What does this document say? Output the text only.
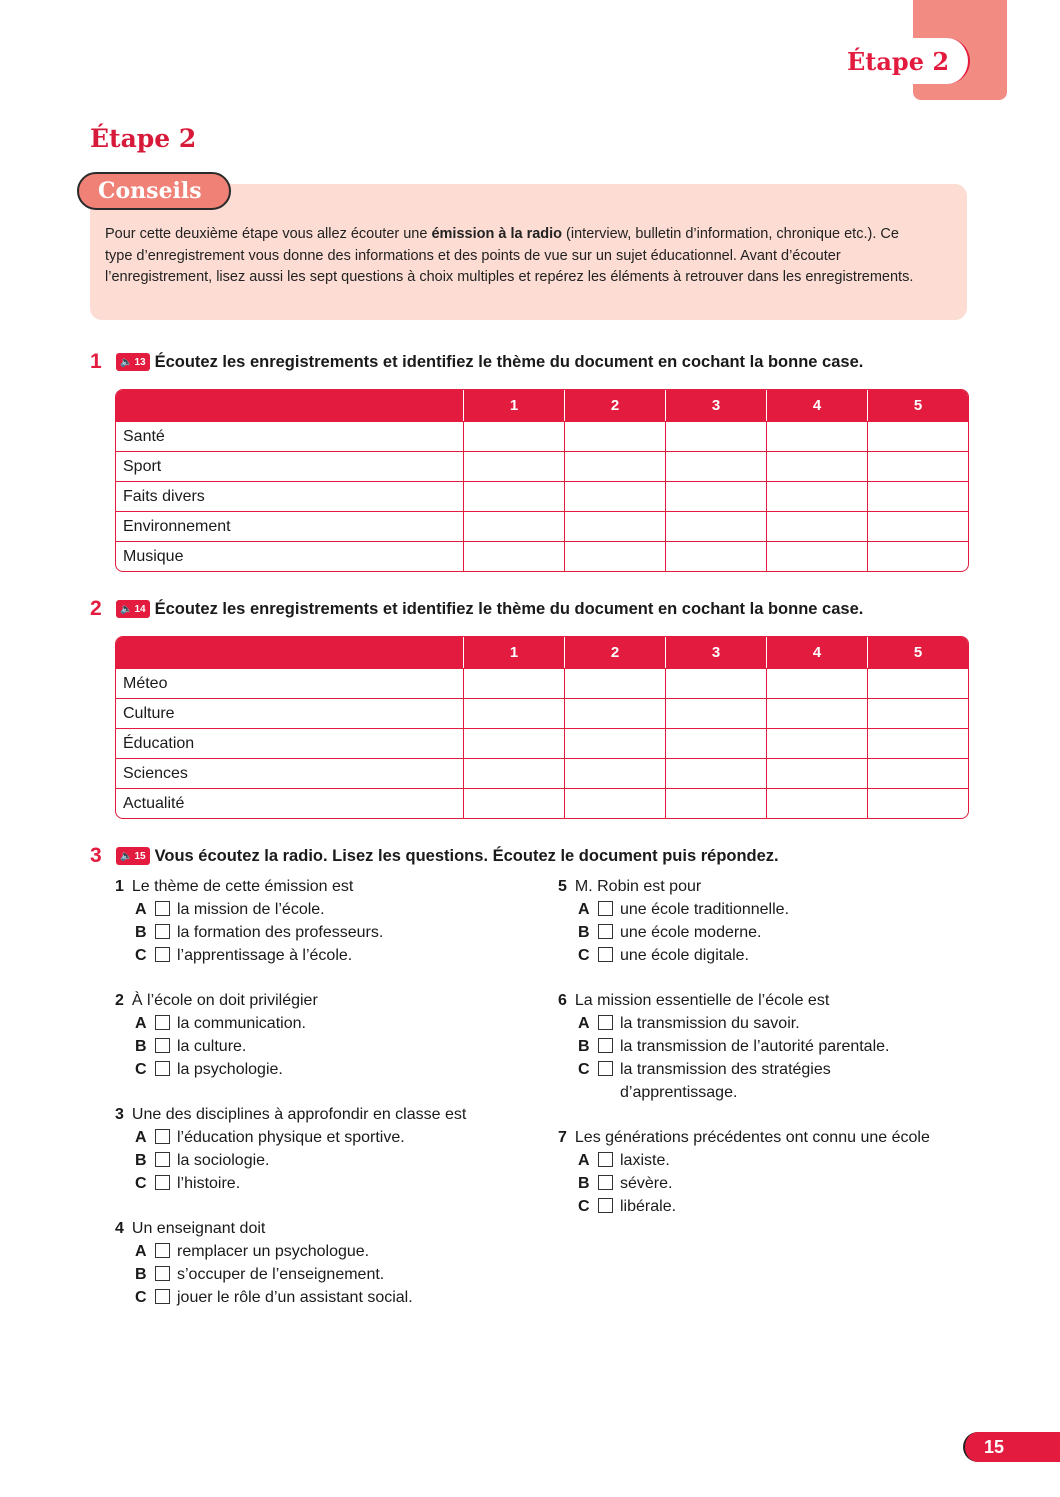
Étape 2
Étape 2
Pour cette deuxième étape vous allez écouter une émission à la radio (interview, bulletin d’information, chronique etc.). Ce type d’enregistrement vous donne des informations et des points de vue sur un sujet éducationnel. Avant d’écouter l’enregistrement, lisez aussi les sept questions à choix multiples et repérez les éléments à retrouver dans les enregistrements.
Conseils
1	🔈 13 Écoutez les enregistrements et identifiez le thème du document en cochant la bonne case.
	1	2	3	4	5
Santé					
Sport					
Faits divers					
Environnement					
Musique					
2	🔈 14 Écoutez les enregistrements et identifiez le thème du document en cochant la bonne case.
	1	2	3	4	5
Méteo					
Culture					
Éducation					
Sciences					
Actualité					
3	🔈 15 Vous écoutez la radio. Lisez les questions. Écoutez le document puis répondez.
1 Le thème de cette émission est
A la mission de l’école.
B la formation des professeurs.
C l’apprentissage à l’école.
2 À l’école on doit privilégier
A la communication.
B la culture.
C la psychologie.
3 Une des disciplines à approfondir en classe est
A l’éducation physique et sportive.
B la sociologie.
C l’histoire.
4 Un enseignant doit
A remplacer un psychologue.
B s’occuper de l’enseignement.
C jouer le rôle d’un assistant social.
5 M. Robin est pour
A une école traditionnelle.
B une école moderne.
C une école digitale.
6 La mission essentielle de l’école est
A la transmission du savoir.
B la transmission de l’autorité parentale.
C la transmission des stratégies d’apprentissage.
7 Les générations précédentes ont connu une école
A laxiste.
B sévère.
C libérale.
15
